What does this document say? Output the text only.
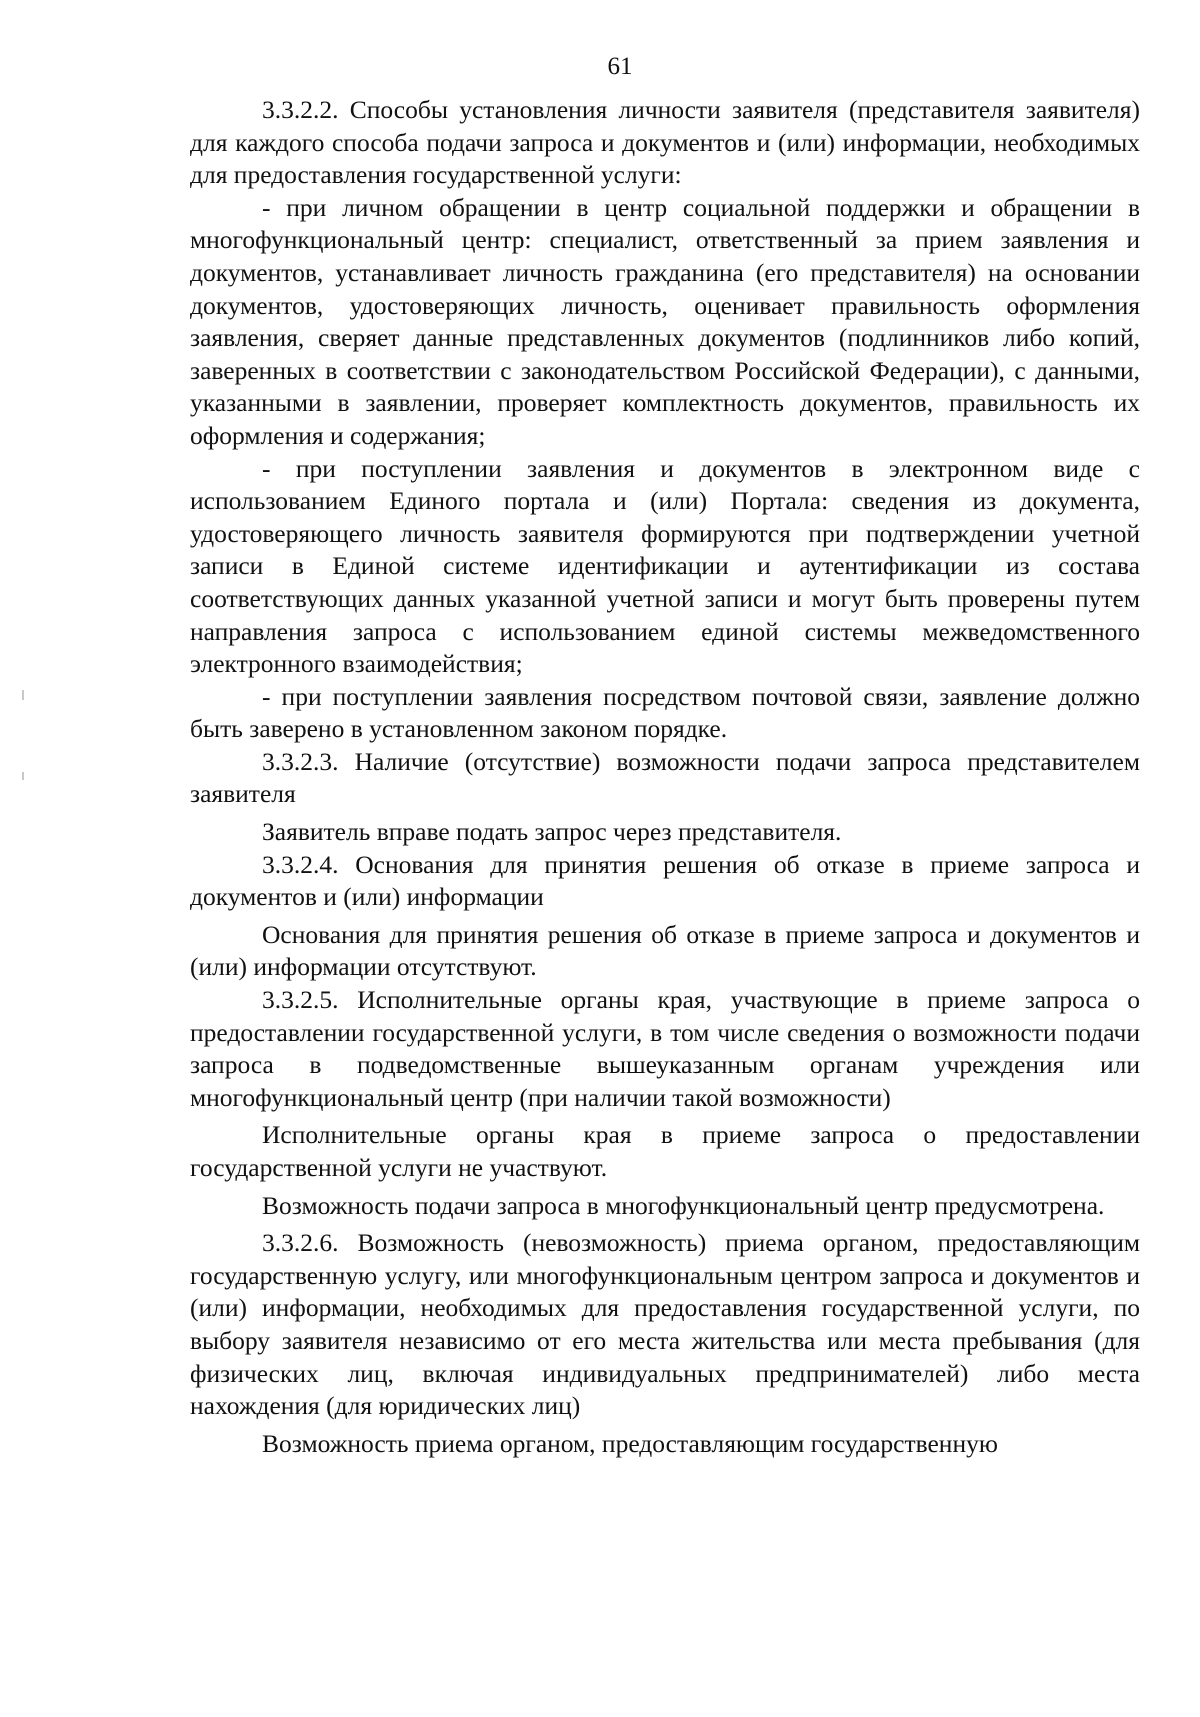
61

3.3.2.2. Способы установления личности заявителя (представителя заявителя) для каждого способа подачи запроса и документов и (или) информации, необходимых для предоставления государственной услуги:

- при личном обращении в центр социальной поддержки и обращении в многофункциональный центр: специалист, ответственный за прием заявления и документов, устанавливает личность гражданина (его представителя) на основании документов, удостоверяющих личность, оценивает правильность оформления заявления, сверяет данные представленных документов (подлинников либо копий, заверенных в соответствии с законодательством Российской Федерации), с данными, указанными в заявлении, проверяет комплектность документов, правильность их оформления и содержания;

- при поступлении заявления и документов в электронном виде с использованием Единого портала и (или) Портала: сведения из документа, удостоверяющего личность заявителя формируются при подтверждении учетной записи в Единой системе идентификации и аутентификации из состава соответствующих данных указанной учетной записи и могут быть проверены путем направления запроса с использованием единой системы межведомственного электронного взаимодействия;

- при поступлении заявления посредством почтовой связи, заявление должно быть заверено в установленном законом порядке.

3.3.2.3. Наличие (отсутствие) возможности подачи запроса представителем заявителя

Заявитель вправе подать запрос через представителя.

3.3.2.4. Основания для принятия решения об отказе в приеме запроса и документов и (или) информации

Основания для принятия решения об отказе в приеме запроса и документов и (или) информации отсутствуют.

3.3.2.5. Исполнительные органы края, участвующие в приеме запроса о предоставлении государственной услуги, в том числе сведения о возможности подачи запроса в подведомственные вышеуказанным органам учреждения или многофункциональный центр (при наличии такой возможности)

Исполнительные органы края в приеме запроса о предоставлении государственной услуги не участвуют.

Возможность подачи запроса в многофункциональный центр предусмотрена.

3.3.2.6. Возможность (невозможность) приема органом, предоставляющим государственную услугу, или многофункциональным центром запроса и документов и (или) информации, необходимых для предоставления государственной услуги, по выбору заявителя независимо от его места жительства или места пребывания (для физических лиц, включая индивидуальных предпринимателей) либо места нахождения (для юридических лиц)

Возможность приема органом, предоставляющим государственную
